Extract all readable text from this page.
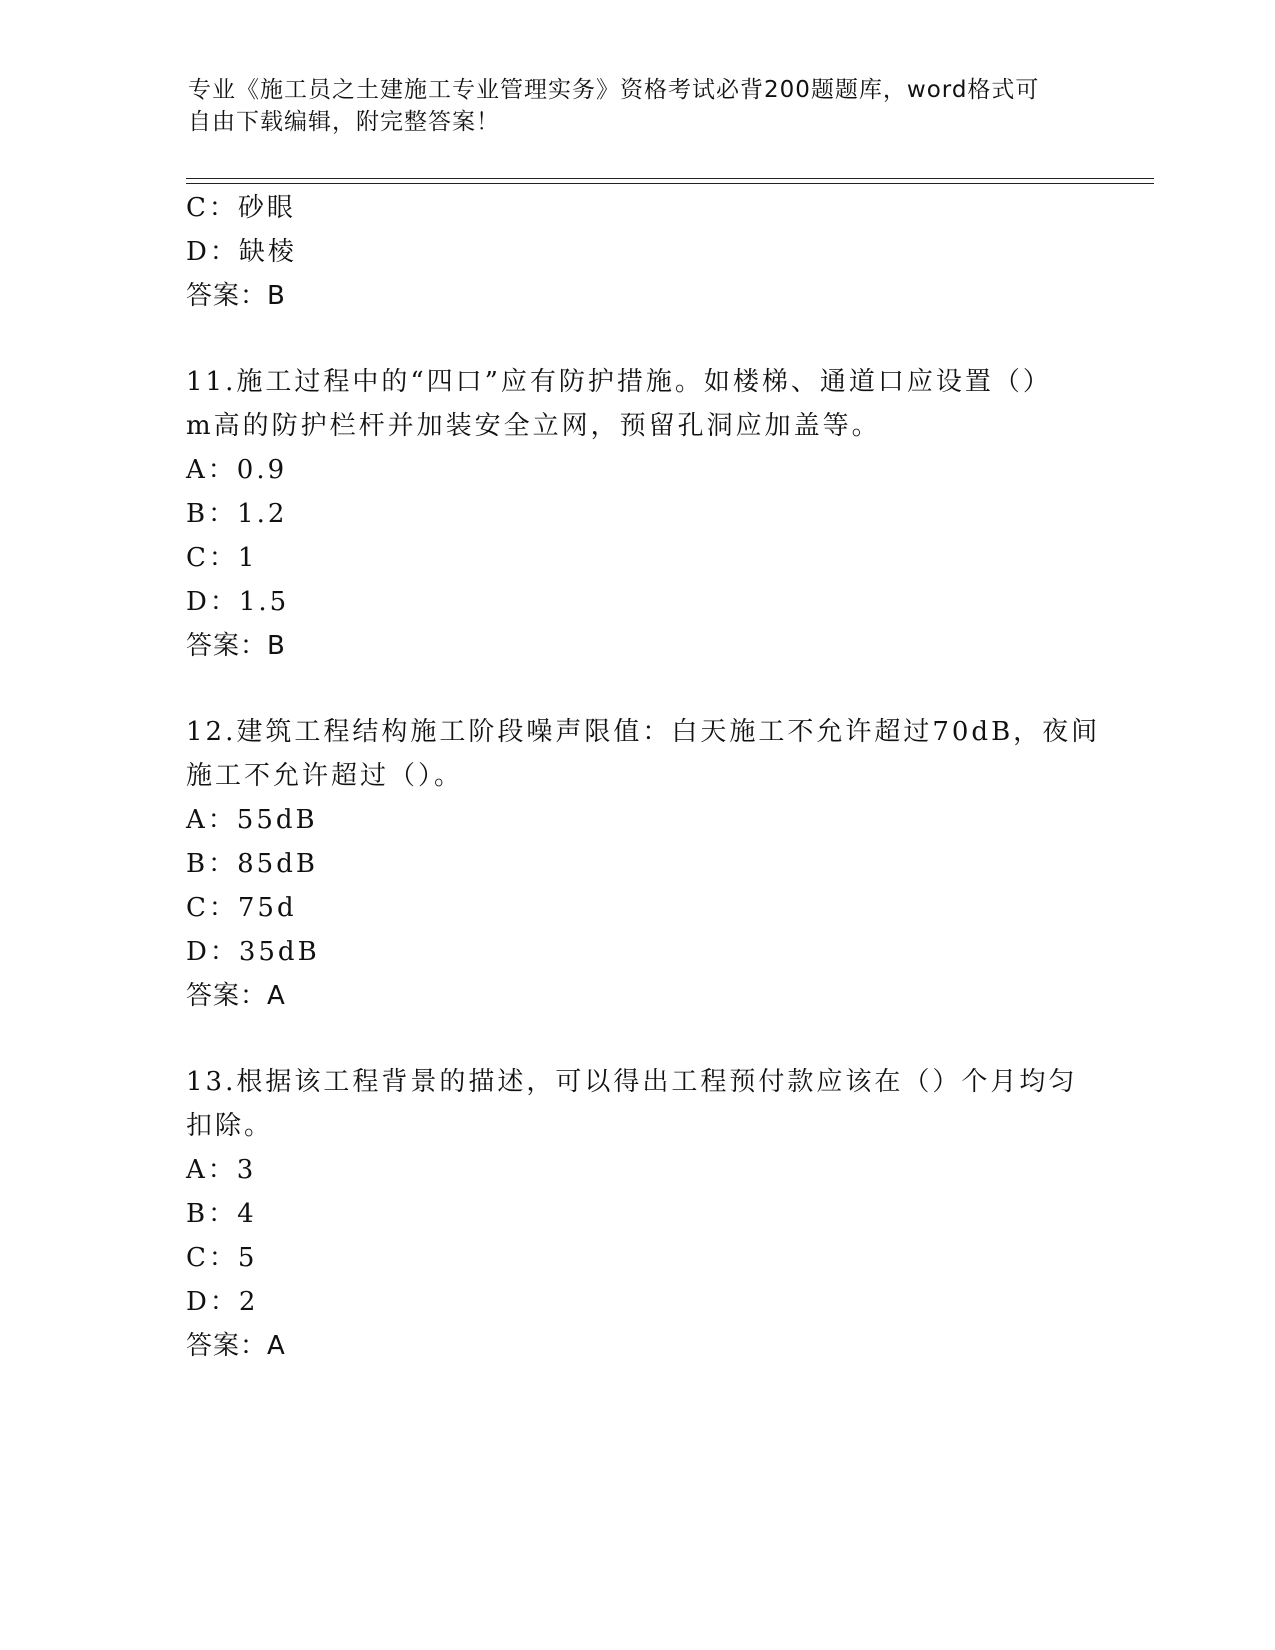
专业《施工员之土建施工专业管理实务》资格考试必背200题题库，word格式可
自由下载编辑，附完整答案！
C：砂眼
D：缺棱
答案：B
11.施工过程中的“四口”应有防护措施。如楼梯、通道口应设置（）
m高的防护栏杆并加装安全立网，预留孔洞应加盖等。
A：0.9
B：1.2
C：1
D：1.5
答案：B
12.建筑工程结构施工阶段噪声限值：白天施工不允许超过70dB，夜间
施工不允许超过（）。
A：55dB
B：85dB
C：75d
D：35dB
答案：A
13.根据该工程背景的描述，可以得出工程预付款应该在（）个月均匀
扣除。
A：3
B：4
C：5
D：2
答案：A
